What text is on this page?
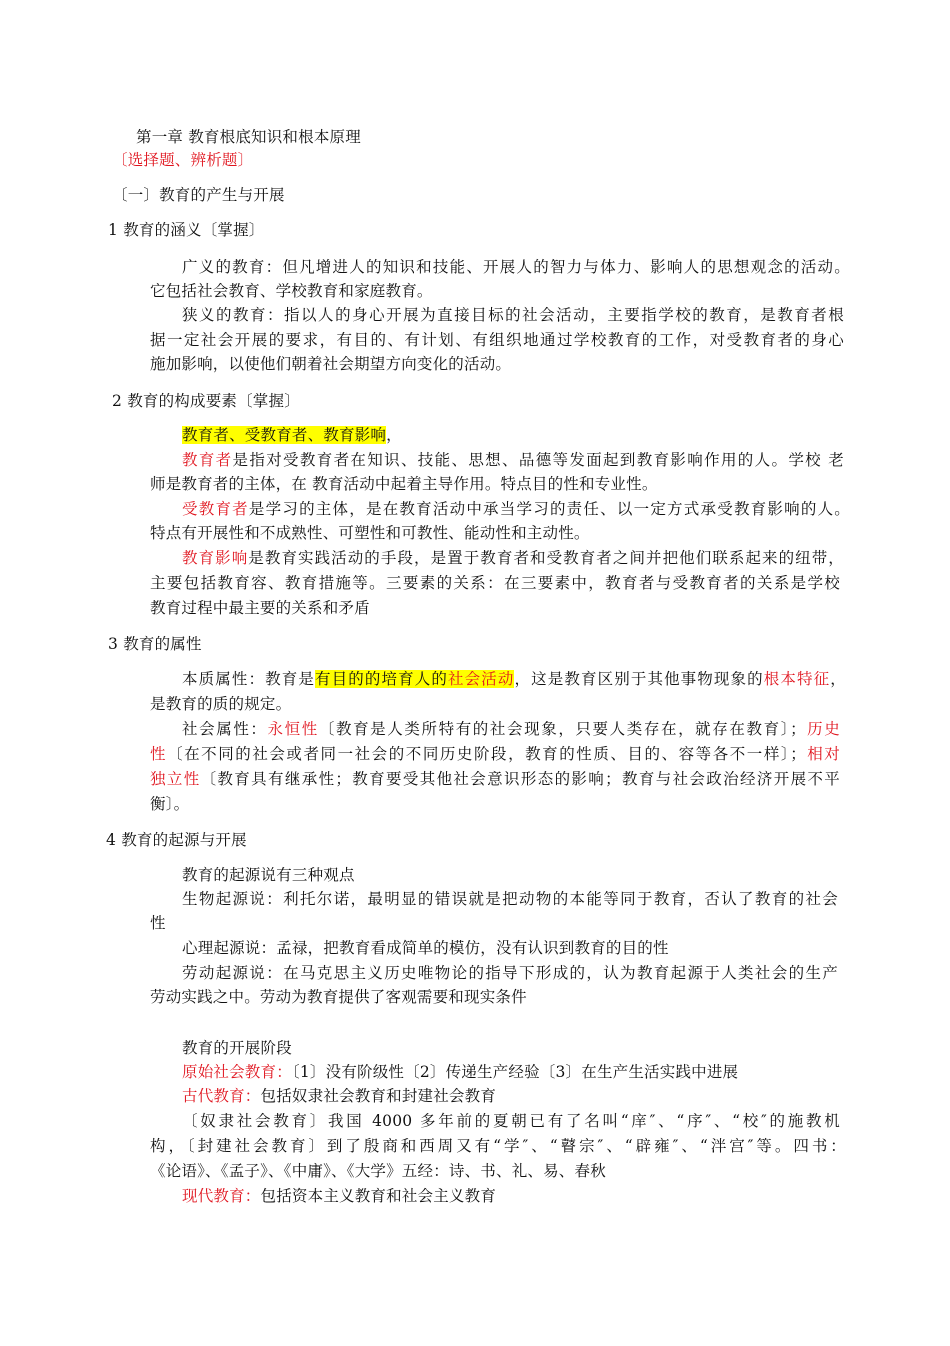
第一章 教育根底知识和根本原理
〔选择题、辨析题〕
〔一〕教育的产生与开展
1 教育的涵义〔掌握〕
广义的教育：但凡增进人的知识和技能、开展人的智力与体力、影响人的思想观念的活动。
它包括社会教育、学校教育和家庭教育。
狭义的教育：指以人的身心开展为直接目标的社会活动，主要指学校的教育，是教育者根
据一定社会开展的要求，有目的、有计划、有组织地通过学校教育的工作，对受教育者的身心
施加影响，以使他们朝着社会期望方向变化的活动。
2 教育的构成要素〔掌握〕
教育者、受教育者、教育影响，
教育者是指对受教育者在知识、技能、思想、品德等发面起到教育影响作用的人。学校 老
师是教育者的主体，在 教育活动中起着主导作用。特点目的性和专业性。
受教育者是学习的主体，是在教育活动中承当学习的责任、以一定方式承受教育影响的人。
特点有开展性和不成熟性、可塑性和可教性、能动性和主动性。
教育影响是教育实践活动的手段，是置于教育者和受教育者之间并把他们联系起来的纽带，
主要包括教育容、教育措施等。三要素的关系：在三要素中，教育者与受教育者的关系是学校
教育过程中最主要的关系和矛盾
3 教育的属性
本质属性：教育是有目的的培育人的社会活动，这是教育区别于其他事物现象的根本特征，
是教育的质的规定。
社会属性：永恒性〔教育是人类所特有的社会现象，只要人类存在，就存在教育〕；历史
性〔在不同的社会或者同一社会的不同历史阶段，教育的性质、目的、容等各不一样〕；相对
独立性〔教育具有继承性；教育要受其他社会意识形态的影响；教育与社会政治经济开展不平
衡〕。
4 教育的起源与开展
教育的起源说有三种观点
生物起源说：利托尔诺，最明显的错误就是把动物的本能等同于教育，否认了教育的社会
性
心理起源说：孟禄，把教育看成简单的模仿，没有认识到教育的目的性
劳动起源说：在马克思主义历史唯物论的指导下形成的，认为教育起源于人类社会的生产
劳动实践之中。劳动为教育提供了客观需要和现实条件
教育的开展阶段
原始社会教育：〔1〕没有阶级性〔2〕传递生产经验〔3〕在生产生活实践中进展
古代教育：包括奴隶社会教育和封建社会教育
〔奴隶社会教育〕我国 4000 多年前的夏朝已有了名叫“庠″、“序″、“校″的施教机
构，〔封建社会教育〕到了殷商和西周又有“学″、“瞽宗″、“辟雍″、“泮宫″等。四书：
《论语》、《孟子》、《中庸》、《大学》五经：诗、书、礼、易、春秋
现代教育：包括资本主义教育和社会主义教育
